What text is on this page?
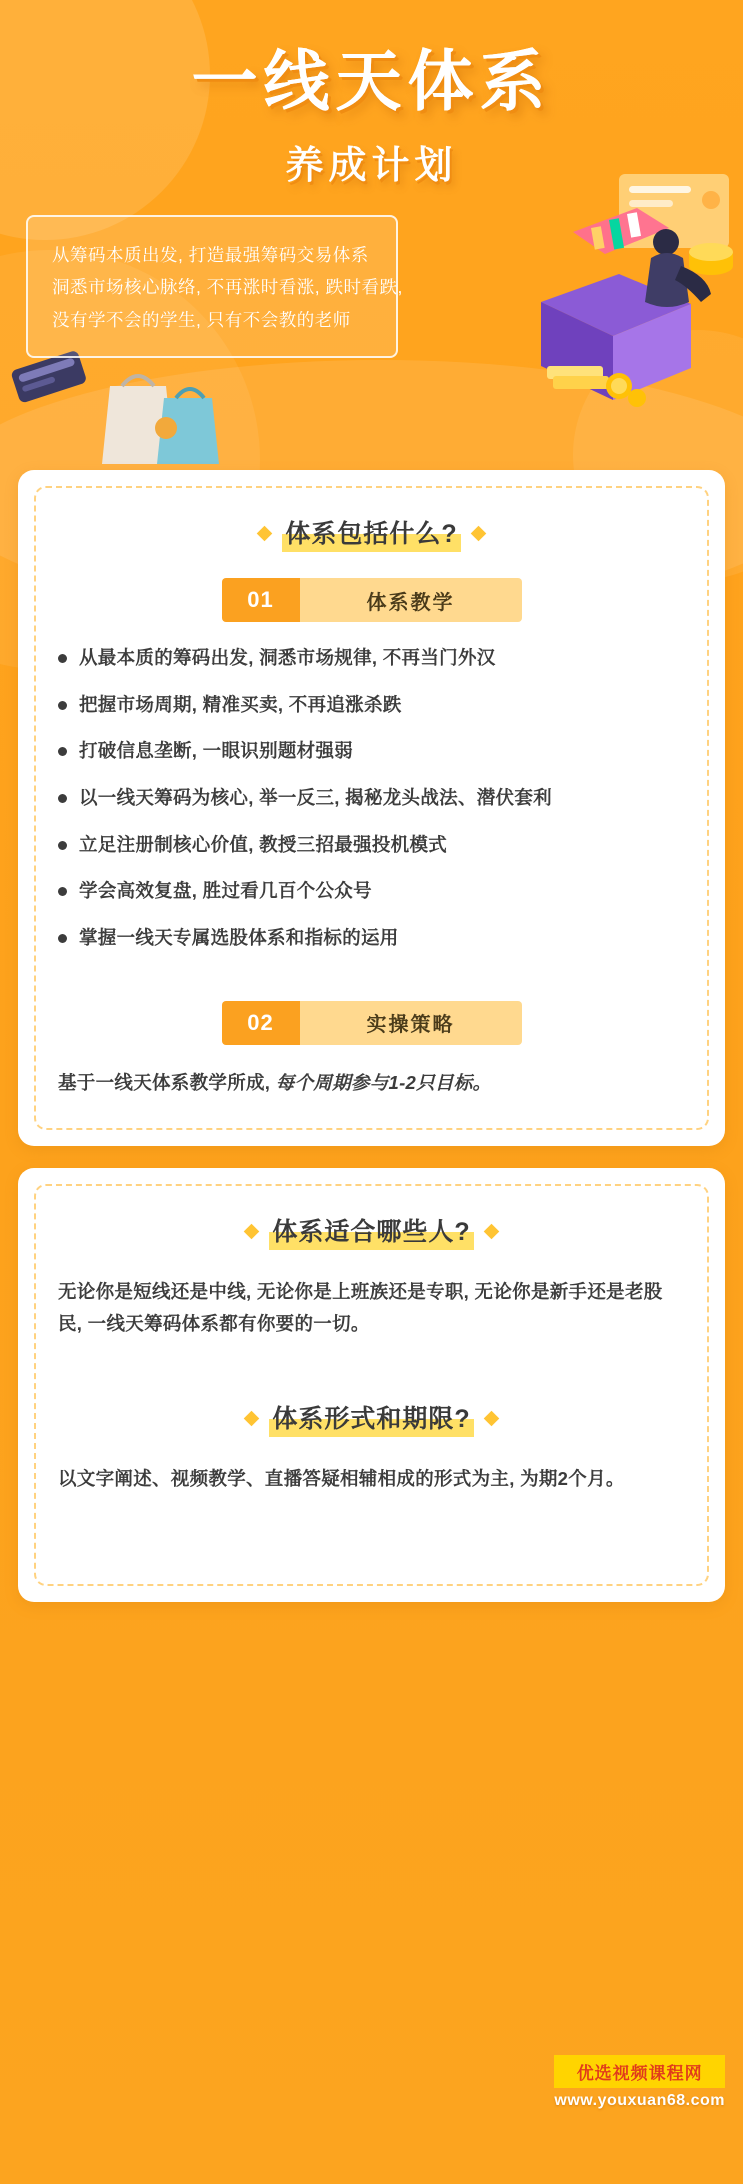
一线天体系
养成计划

从筹码本质出发, 打造最强筹码交易体系

洞悉市场核心脉络, 不再涨时看涨, 跌时看跌,

没有学不会的学生, 只有不会教的老师

体系包括什么?
01	体系教学
从最本质的筹码出发, 洞悉市场规律, 不再当门外汉
把握市场周期, 精准买卖, 不再追涨杀跌
打破信息垄断, 一眼识别题材强弱
以一线天筹码为核心, 举一反三, 揭秘龙头战法、潜伏套利
立足注册制核心价值, 教授三招最强投机模式
学会高效复盘, 胜过看几百个公众号
掌握一线天专属选股体系和指标的运用
02	实操策略

基于一线天体系教学所成, 每个周期参与1-2只目标。

体系适合哪些人?

无论你是短线还是中线, 无论你是上班族还是专职, 无论你是新手还是老股民, 一线天筹码体系都有你要的一切。

体系形式和期限?

以文字阐述、视频教学、直播答疑相辅相成的形式为主, 为期2个月。

优选视频课程网
www.youxuan68.com
